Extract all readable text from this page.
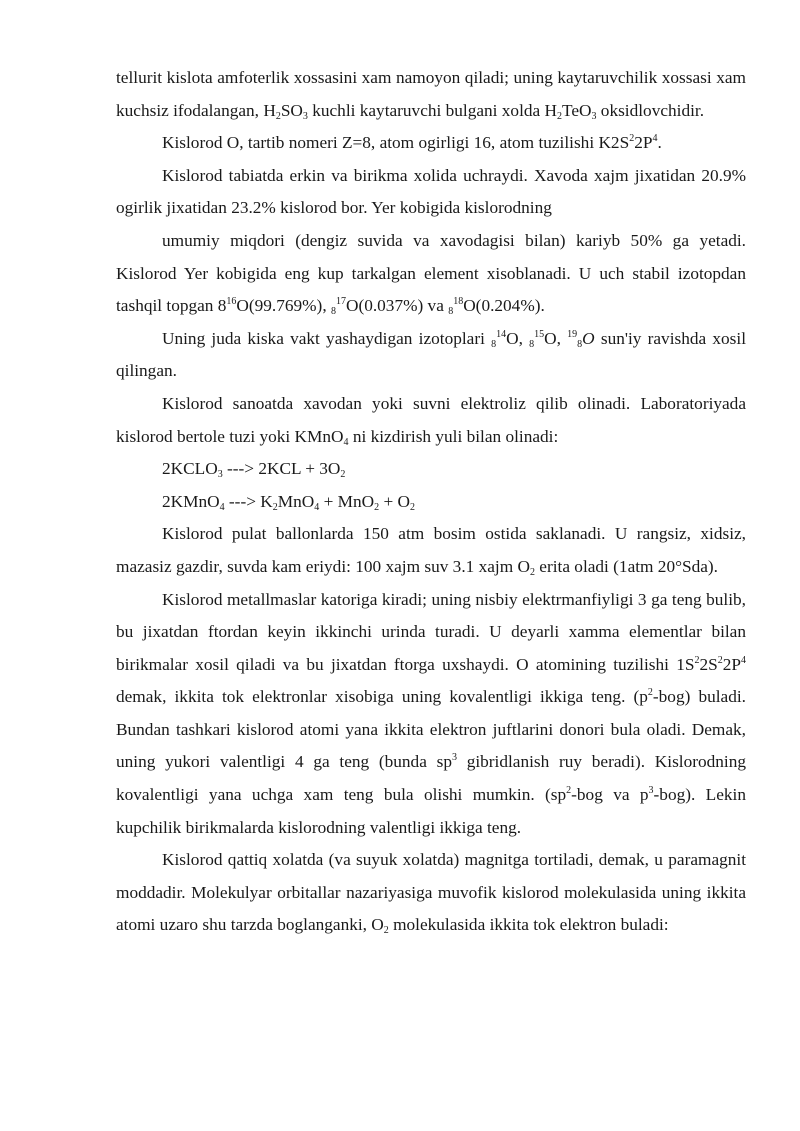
tellurit kislota amfoterlik xossasini xam namoyon qiladi; uning kaytaruvchilik xossasi xam kuchsiz ifodalangan, $H_2SO_3$ kuchli kaytaruvchi bulgani xolda $H_2TeO_3$ oksidlovchidir.

Kislorod O, tartib nomeri Z=8, atom ogirligi 16, atom tuzilishi $K2S^22P^4$.

Kislorod tabiatda erkin va birikma xolida uchraydi. Xavoda xajm jixatidan 20.9% ogirlik jixatidan 23.2% kislorod bor. Yer kobigida kislorodning

umumiy miqdori (dengiz suvida va xavodagisi bilan) kariyb 50% ga yetadi. Kislorod Yer kobigida eng kup tarkalgan element xisoblanadi. U uch stabil izotopdan tashqil topgan $8^{16}O(99.769\%)$, $8^{17}O(0.037\%)$ va $8^{18}O(0.204\%)$.

Uning juda kiska vakt yashaydigan izotoplari $8^{14}O$, $8^{15}O$, $^{19}_8$O sun'iy ravishda xosil qilingan.

Kislorod sanoatda xavodan yoki suvni elektroliz qilib olinadi. Laboratoriyada kislorod bertole tuzi yoki KMnO$_4$ ni kizdirish yuli bilan olinadi:

$2KCLO_3$ ---> $2KCL + 3O_2$

2KMnO$_4$ ---> $K_2MnO_4 + MnO_2 + O_2$

Kislorod pulat ballonlarda 150 atm bosim ostida saklanadi. U rangsiz, xidsiz, mazasiz gazdir, suvda kam eriydi: 100 xajm suv 3.1 xajm $O_2$ erita oladi (1atm 20°Sda).

Kislorod metallmaslar katoriga kiradi; uning nisbiy elektrmanfiyligi 3 ga teng bulib, bu jixatdan ftordan keyin ikkinchi urinda turadi. U deyarli xamma elementlar bilan birikmalar xosil qiladi va bu jixatdan ftorga uxshaydi. O atomining tuzilishi $1S^22S^22P^4$ demak, ikkita tok elektronlar xisobiga uning kovalentligi ikkiga teng. $(p^2-bog)$ buladi. Bundan tashkari kislorod atomi yana ikkita elektron juftlarini donori bula oladi. Demak, uning yukori valentligi 4 ga teng (bunda $sp^3$ gibridlanish ruy beradi). Kislorodning kovalentligi yana uchga xam teng bula olishi mumkin. ($sp^2$-bog va $p^3-bog$). Lekin kupchilik birikmalarda kislorodning valentligi ikkiga teng.

Kislorod qattiq xolatda (va suyuk xolatda) magnitga tortiladi, demak, u paramagnit moddadir. Molekulyar orbitallar nazariyasiga muvofik kislorod molekulasida uning ikkita atomi uzaro shu tarzda boglanganki, $O_2$ molekulasida ikkita tok elektron buladi:
